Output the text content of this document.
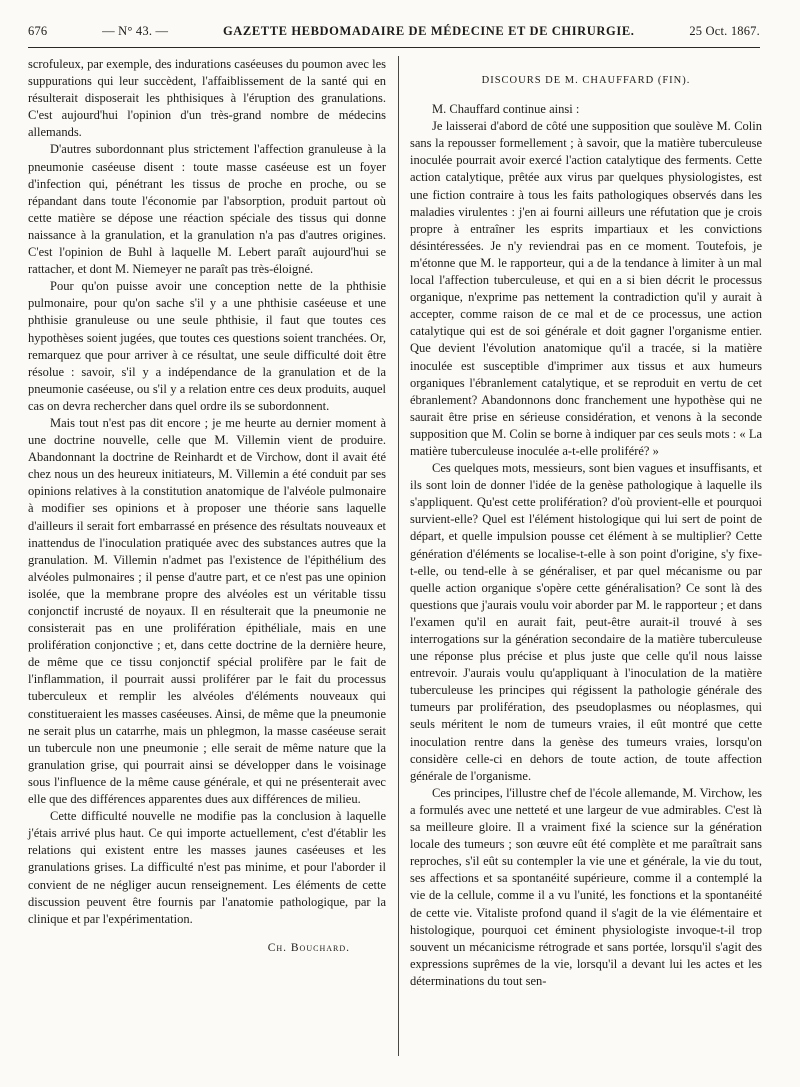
676	— N° 43. —	GAZETTE HEBDOMADAIRE DE MÉDECINE ET DE CHIRURGIE.	25 Oct. 1867.

scrofuleux, par exemple, des indurations caséeuses du poumon avec les suppurations qui leur succèdent, l'affaiblissement de la santé qui en résulterait disposerait les phthisiques à l'éruption des granulations. C'est aujourd'hui l'opinion d'un très-grand nombre de médecins allemands.

D'autres subordonnant plus strictement l'affection granuleuse à la pneumonie caséeuse disent : toute masse caséeuse est un foyer d'infection qui, pénétrant les tissus de proche en proche, ou se répandant dans toute l'économie par l'absorption, produit partout où cette matière se dépose une réaction spéciale des tissus qui donne naissance à la granulation, et la granulation n'a pas d'autres origines. C'est l'opinion de Buhl à laquelle M. Lebert paraît aujourd'hui se rattacher, et dont M. Niemeyer ne paraît pas très-éloigné.

Pour qu'on puisse avoir une conception nette de la phthisie pulmonaire, pour qu'on sache s'il y a une phthisie caséeuse et une phthisie granuleuse ou une seule phthisie, il faut que toutes ces hypothèses soient jugées, que toutes ces questions soient tranchées. Or, remarquez que pour arriver à ce résultat, une seule difficulté doit être résolue : savoir, s'il y a indépendance de la granulation et de la pneumonie caséeuse, ou s'il y a relation entre ces deux produits, auquel cas on devra rechercher dans quel ordre ils se subordonnent.

Mais tout n'est pas dit encore ; je me heurte au dernier moment à une doctrine nouvelle, celle que M. Villemin vient de produire. Abandonnant la doctrine de Reinhardt et de Virchow, dont il avait été chez nous un des heureux initiateurs, M. Villemin a été conduit par ses opinions relatives à la constitution anatomique de l'alvéole pulmonaire à modifier ses opinions et à proposer une théorie sans laquelle d'ailleurs il serait fort embarrassé en présence des résultats nouveaux et inattendus de l'inoculation pratiquée avec des substances autres que la granulation. M. Villemin n'admet pas l'existence de l'épithélium des alvéoles pulmonaires ; il pense d'autre part, et ce n'est pas une opinion isolée, que la membrane propre des alvéoles est un véritable tissu conjonctif incrusté de noyaux. Il en résulterait que la pneumonie ne consisterait pas en une prolifération épithéliale, mais en une prolifération conjonctive ; et, dans cette doctrine de la dernière heure, de même que ce tissu conjonctif spécial prolifère par le fait de l'inflammation, il pourrait aussi proliférer par le fait du processus tuberculeux et remplir les alvéoles d'éléments nouveaux qui constitueraient les masses caséeuses. Ainsi, de même que la pneumonie ne serait plus un catarrhe, mais un phlegmon, la masse caséeuse serait un tubercule non une pneumonie ; elle serait de même nature que la granulation grise, qui pourrait ainsi se développer dans le voisinage sous l'influence de la même cause générale, et qui ne présenterait avec elle que des différences apparentes dues aux différences de milieu.

Cette difficulté nouvelle ne modifie pas la conclusion à laquelle j'étais arrivé plus haut. Ce qui importe actuellement, c'est d'établir les relations qui existent entre les masses jaunes caséeuses et les granulations grises. La difficulté n'est pas minime, et pour l'aborder il convient de ne négliger aucun renseignement. Les éléments de cette discussion peuvent être fournis par l'anatomie pathologique, par la clinique et par l'expérimentation.

Ch. Bouchard.
DISCOURS DE M. CHAUFFARD (FIN).

M. Chauffard continue ainsi :

Je laisserai d'abord de côté une supposition que soulève M. Colin sans la repousser formellement ; à savoir, que la matière tuberculeuse inoculée pourrait avoir exercé l'action catalytique des ferments. Cette action catalytique, prêtée aux virus par quelques physiologistes, est une fiction contraire à tous les faits pathologiques observés dans les maladies virulentes : j'en ai fourni ailleurs une réfutation que je crois propre à entraîner les esprits impartiaux et les convictions désintéressées. Je n'y reviendrai pas en ce moment. Toutefois, je m'étonne que M. le rapporteur, qui a de la tendance à limiter à un mal local l'affection tuberculeuse, et qui en a si bien décrit le processus organique, n'exprime pas nettement la contradiction qu'il y aurait à accepter, comme raison de ce mal et de ce processus, une action catalytique qui est de soi générale et doit gagner l'organisme entier. Que devient l'évolution anatomique qu'il a tracée, si la matière inoculée est susceptible d'imprimer aux tissus et aux humeurs organiques l'ébranlement catalytique, et se reproduit en vertu de cet ébranlement? Abandonnons donc franchement une hypothèse qui ne saurait être prise en sérieuse considération, et venons à la seconde supposition que M. Colin se borne à indiquer par ces seuls mots : « La matière tuberculeuse inoculée a-t-elle proliféré? »

Ces quelques mots, messieurs, sont bien vagues et insuffisants, et ils sont loin de donner l'idée de la genèse pathologique à laquelle ils s'appliquent. Qu'est cette prolifération? d'où provient-elle et pourquoi survient-elle? Quel est l'élément histologique qui lui sert de point de départ, et quelle impulsion pousse cet élément à se multiplier? Cette génération d'éléments se localise-t-elle à son point d'origine, s'y fixe-t-elle, ou tend-elle à se généraliser, et par quel mécanisme ou par quelle action organique s'opère cette généralisation? Ce sont là des questions que j'aurais voulu voir aborder par M. le rapporteur ; et dans l'examen qu'il en aurait fait, peut-être aurait-il trouvé à ses interrogations sur la génération secondaire de la matière tuberculeuse une réponse plus précise et plus juste que celle qu'il nous laisse entrevoir. J'aurais voulu qu'appliquant à l'inoculation de la matière tuberculeuse les principes qui régissent la pathologie générale des tumeurs par prolifération, des pseudoplasmes ou néoplasmes, qui seuls méritent le nom de tumeurs vraies, il eût montré que cette inoculation rentre dans la genèse des tumeurs vraies, lorsqu'on considère celle-ci en dehors de toute action, de toute affection générale de l'organisme.

Ces principes, l'illustre chef de l'école allemande, M. Virchow, les a formulés avec une netteté et une largeur de vue admirables. C'est là sa meilleure gloire. Il a vraiment fixé la science sur la génération locale des tumeurs ; son œuvre eût été complète et me paraîtrait sans reproches, s'il eût su contempler la vie une et générale, la vie du tout, ses affections et sa spontanéité supérieure, comme il a contemplé la vie de la cellule, comme il a vu l'unité, les fonctions et la spontanéité de cette vie. Vitaliste profond quand il s'agit de la vie élémentaire et histologique, pourquoi cet éminent physiologiste invoque-t-il trop souvent un mécanicisme rétrograde et sans portée, lorsqu'il s'agit des expressions suprêmes de la vie, lorsqu'il a devant lui les actes et les déterminations du tout sen-
